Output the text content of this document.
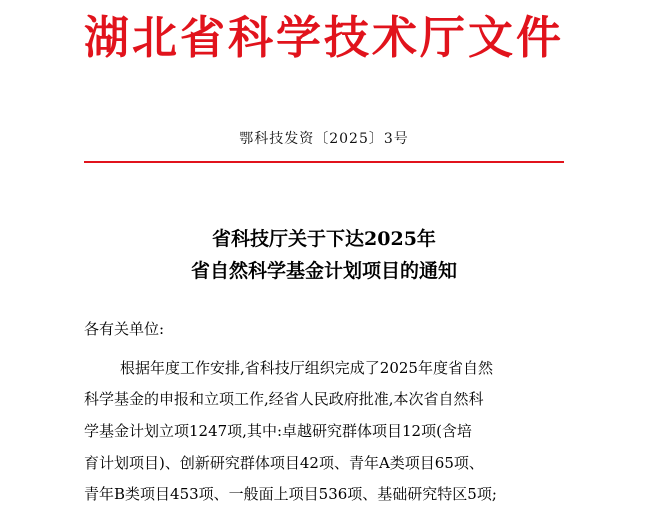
湖北省科学技术厅文件
鄂科技发资〔2025〕3号
省科技厅关于下达2025年
省自然科学基金计划项目的通知
各有关单位:
根据年度工作安排,省科技厅组织完成了2025年度省自然
科学基金的申报和立项工作,经省人民政府批准,本次省自然科
学基金计划立项1247项,其中:卓越研究群体项目12项(含培
育计划项目)、创新研究群体项目42项、青年A类项目65项、
青年B类项目453项、一般面上项目536项、基础研究特区5项;
